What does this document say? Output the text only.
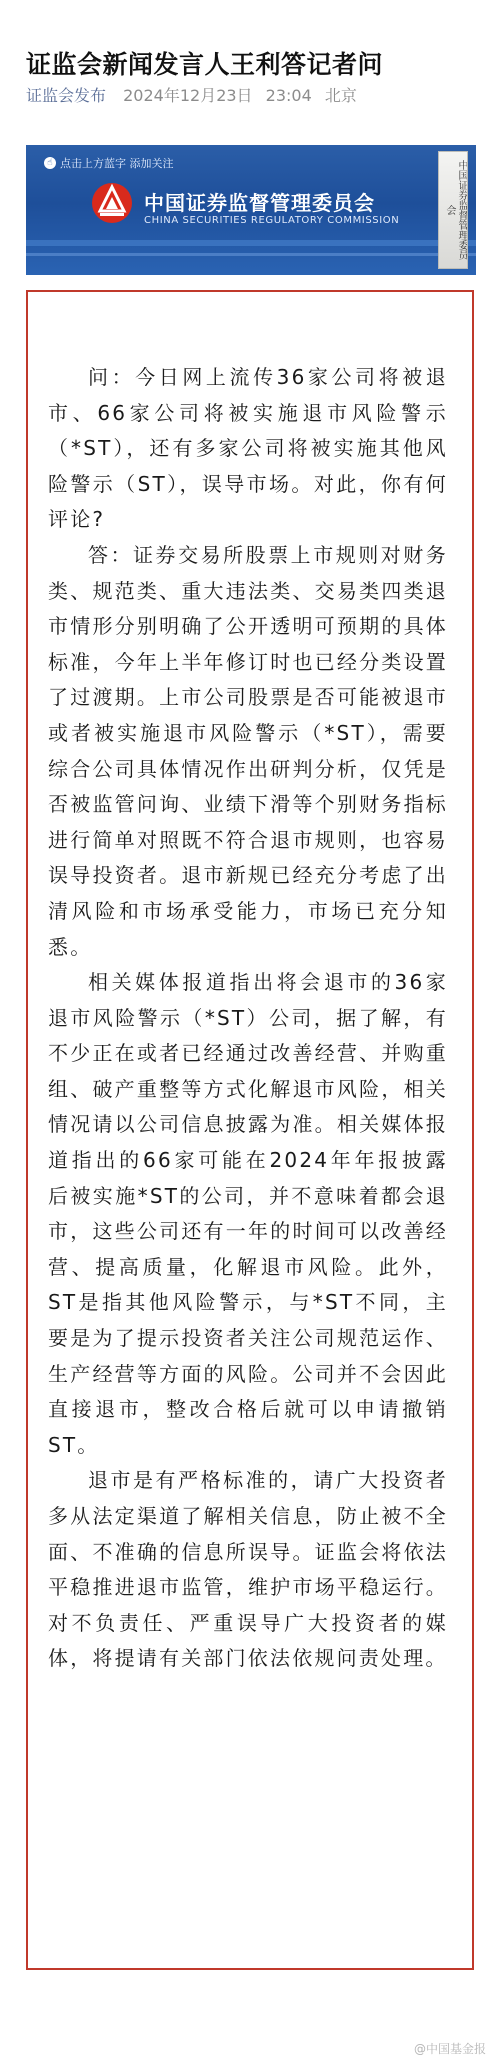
证监会新闻发言人王利答记者问
证监会发布 2024年12月23日 23:04 北京
☝ 点击上方蓝字 添加关注
中国证券监督管理委员会
CHINA SECURITIES REGULATORY COMMISSION	中国证券监督管理委员会

问：今日网上流传36家公司将被退市、66家公司将被实施退市风险警示（*ST），还有多家公司将被实施其他风险警示（ST），误导市场。对此，你有何评论?

答：证券交易所股票上市规则对财务类、规范类、重大违法类、交易类四类退市情形分别明确了公开透明可预期的具体标准，今年上半年修订时也已经分类设置了过渡期。上市公司股票是否可能被退市或者被实施退市风险警示（*ST），需要综合公司具体情况作出研判分析，仅凭是否被监管问询、业绩下滑等个别财务指标进行简单对照既不符合退市规则，也容易误导投资者。退市新规已经充分考虑了出清风险和市场承受能力，市场已充分知悉。

相关媒体报道指出将会退市的36家退市风险警示（*ST）公司，据了解，有不少正在或者已经通过改善经营、并购重组、破产重整等方式化解退市风险，相关情况请以公司信息披露为准。相关媒体报道指出的66家可能在2024年年报披露后被实施*ST的公司，并不意味着都会退市，这些公司还有一年的时间可以改善经营、提高质量，化解退市风险。此外，ST是指其他风险警示，与*ST不同，主要是为了提示投资者关注公司规范运作、生产经营等方面的风险。公司并不会因此直接退市，整改合格后就可以申请撤销ST。

退市是有严格标准的，请广大投资者多从法定渠道了解相关信息，防止被不全面、不准确的信息所误导。证监会将依法平稳推进退市监管，维护市场平稳运行。对不负责任、严重误导广大投资者的媒体，将提请有关部门依法依规问责处理。

@中国基金报
